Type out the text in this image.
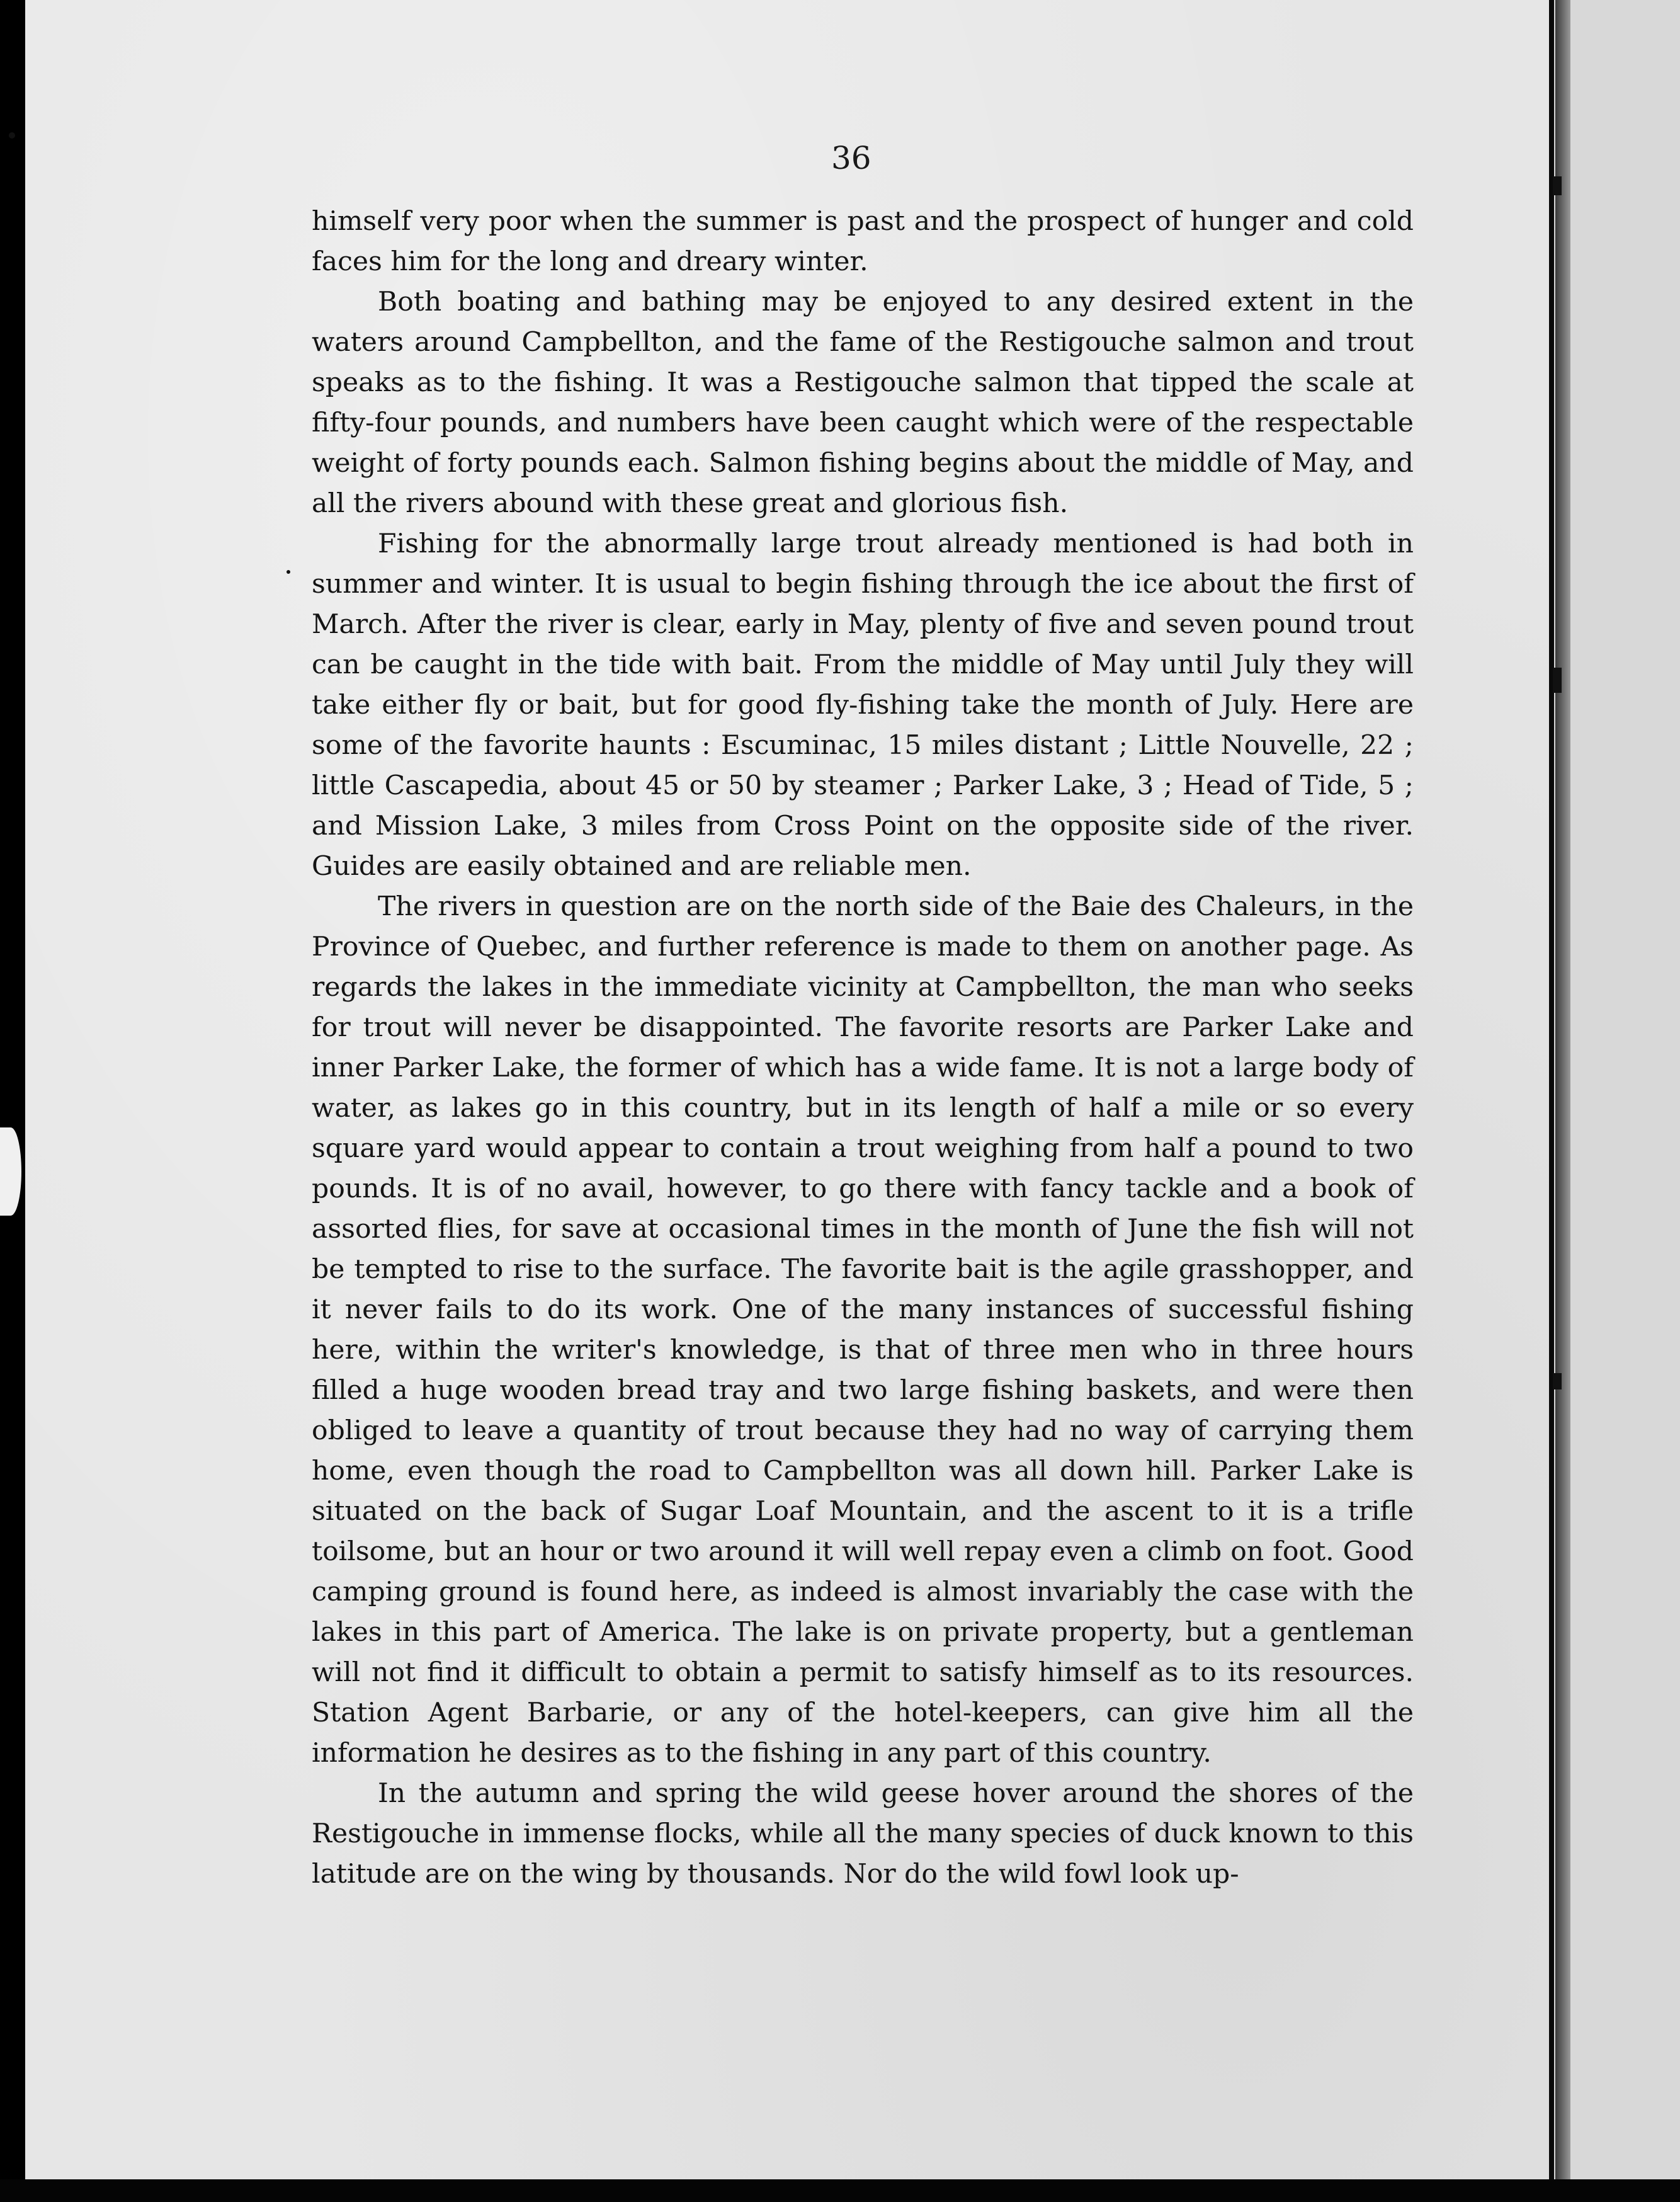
36

himself very poor when the summer is past and the prospect of hunger and cold faces him for the long and dreary winter.

Both boating and bathing may be enjoyed to any desired extent in the waters around Campbellton, and the fame of the Restigouche salmon and trout speaks as to the fishing. It was a Restigouche salmon that tipped the scale at fifty-four pounds, and numbers have been caught which were of the respectable weight of forty pounds each. Salmon fishing begins about the middle of May, and all the rivers abound with these great and glorious fish.

Fishing for the abnormally large trout already mentioned is had both in summer and winter. It is usual to begin fishing through the ice about the first of March. After the river is clear, early in May, plenty of five and seven pound trout can be caught in the tide with bait. From the middle of May until July they will take either fly or bait, but for good fly-fishing take the month of July. Here are some of the favorite haunts : Escuminac, 15 miles distant ; Little Nouvelle, 22 ; little Cascapedia, about 45 or 50 by steamer ; Parker Lake, 3 ; Head of Tide, 5 ; and Mission Lake, 3 miles from Cross Point on the opposite side of the river. Guides are easily obtained and are reliable men.

The rivers in question are on the north side of the Baie des Chaleurs, in the Province of Quebec, and further reference is made to them on another page. As regards the lakes in the immediate vicinity at Campbellton, the man who seeks for trout will never be disappointed. The favorite resorts are Parker Lake and inner Parker Lake, the former of which has a wide fame. It is not a large body of water, as lakes go in this country, but in its length of half a mile or so every square yard would appear to contain a trout weighing from half a pound to two pounds. It is of no avail, however, to go there with fancy tackle and a book of assorted flies, for save at occasional times in the month of June the fish will not be tempted to rise to the surface. The favorite bait is the agile grasshopper, and it never fails to do its work. One of the many instances of successful fishing here, within the writer's knowledge, is that of three men who in three hours filled a huge wooden bread tray and two large fishing baskets, and were then obliged to leave a quantity of trout because they had no way of carrying them home, even though the road to Campbellton was all down hill. Parker Lake is situated on the back of Sugar Loaf Mountain, and the ascent to it is a trifle toilsome, but an hour or two around it will well repay even a climb on foot. Good camping ground is found here, as indeed is almost invariably the case with the lakes in this part of America. The lake is on private property, but a gentleman will not find it difficult to obtain a permit to satisfy himself as to its resources. Station Agent Barbarie, or any of the hotel-keepers, can give him all the information he desires as to the fishing in any part of this country.

In the autumn and spring the wild geese hover around the shores of the Restigouche in immense flocks, while all the many species of duck known to this latitude are on the wing by thousands. Nor do the wild fowl look up-
